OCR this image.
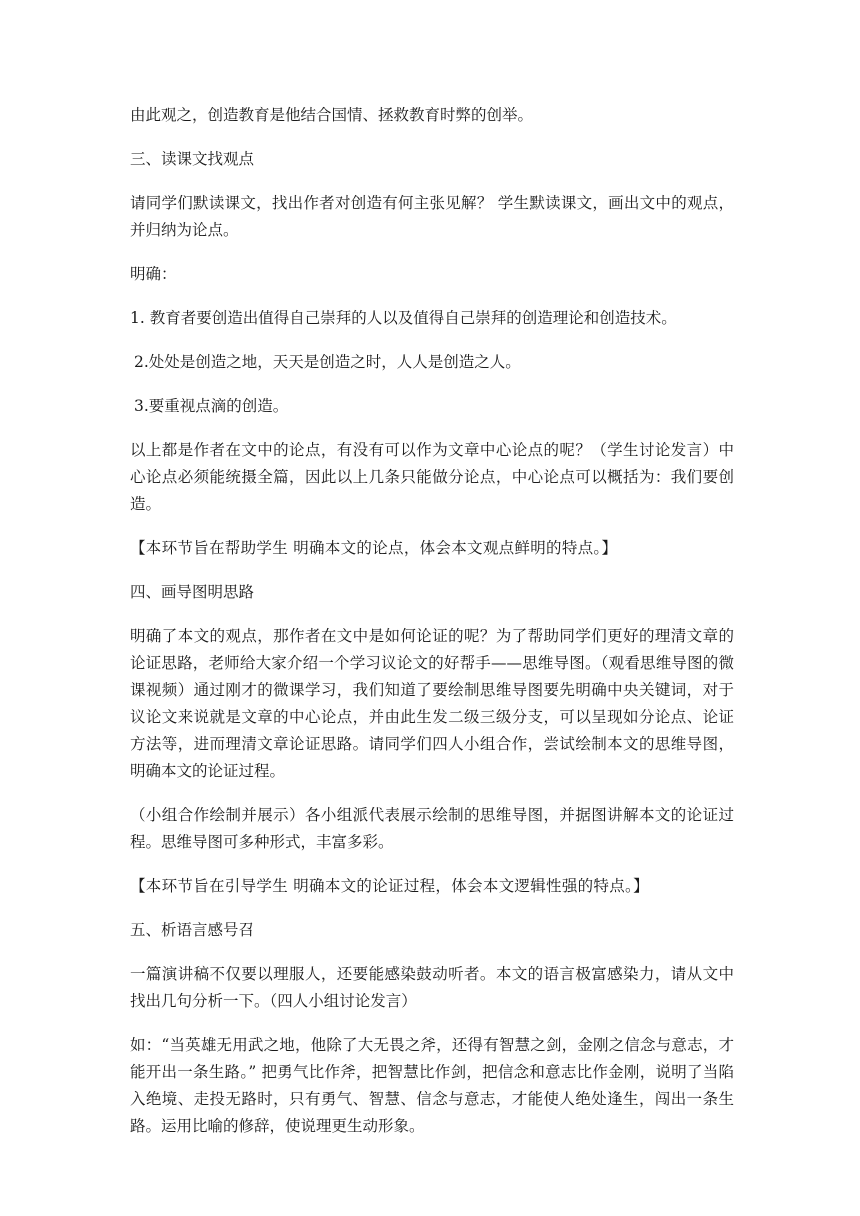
由此观之，创造教育是他结合国情、拯救教育时弊的创举。

三、读课文找观点

请同学们默读课文，找出作者对创造有何主张见解？ 学生默读课文，画出文中的观点，并归纳为论点。

明确：

1. 教育者要创造出值得自己崇拜的人以及值得自己崇拜的创造理论和创造技术。

2.处处是创造之地，天天是创造之时，人人是创造之人。

3.要重视点滴的创造。

以上都是作者在文中的论点，有没有可以作为文章中心论点的呢？（学生讨论发言）中心论点必须能统摄全篇，因此以上几条只能做分论点，中心论点可以概括为：我们要创造。

【本环节旨在帮助学生 明确本文的论点，体会本文观点鲜明的特点。】

四、画导图明思路

明确了本文的观点，那作者在文中是如何论证的呢？为了帮助同学们更好的理清文章的论证思路，老师给大家介绍一个学习议论文的好帮手——思维导图。（观看思维导图的微课视频）通过刚才的微课学习，我们知道了要绘制思维导图要先明确中央关键词，对于议论文来说就是文章的中心论点，并由此生发二级三级分支，可以呈现如分论点、论证方法等，进而理清文章论证思路。请同学们四人小组合作，尝试绘制本文的思维导图，明确本文的论证过程。

（小组合作绘制并展示）各小组派代表展示绘制的思维导图，并据图讲解本文的论证过程。思维导图可多种形式，丰富多彩。

【本环节旨在引导学生 明确本文的论证过程，体会本文逻辑性强的特点。】

五、析语言感号召

一篇演讲稿不仅要以理服人，还要能感染鼓动听者。本文的语言极富感染力，请从文中找出几句分析一下。（四人小组讨论发言）

如：“当英雄无用武之地，他除了大无畏之斧，还得有智慧之剑，金刚之信念与意志，才能开出一条生路。” 把勇气比作斧，把智慧比作剑，把信念和意志比作金刚，说明了当陷入绝境、走投无路时，只有勇气、智慧、信念与意志，才能使人绝处逢生，闯出一条生路。运用比喻的修辞，使说理更生动形象。
